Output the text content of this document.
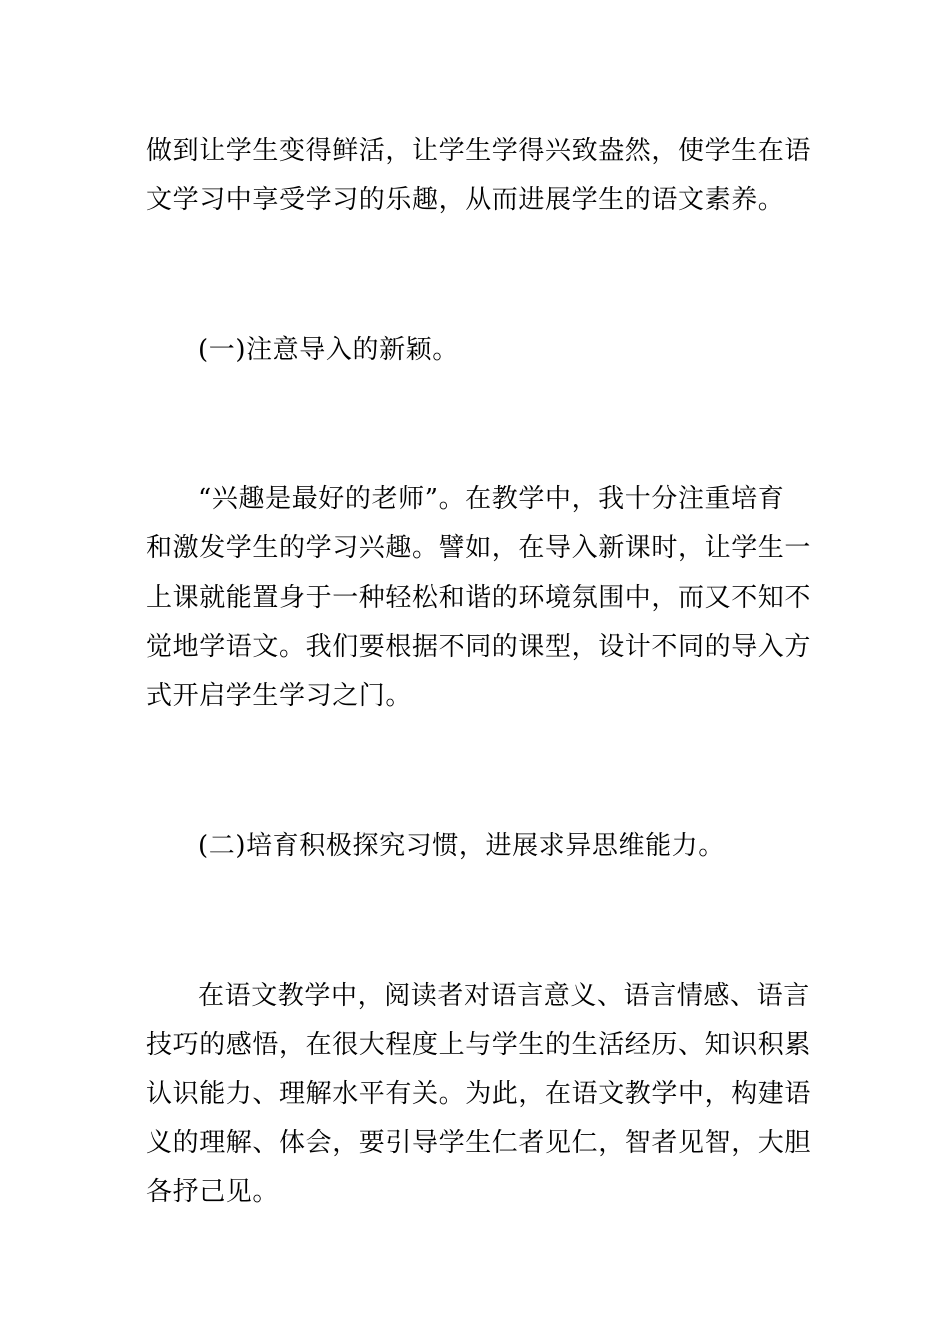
做到让学生变得鲜活，让学生学得兴致盎然，使学生在语
文学习中享受学习的乐趣，从而进展学生的语文素养。
(一)注意导入的新颖。
“兴趣是最好的老师”。在教学中，我十分注重培育
和激发学生的学习兴趣。譬如，在导入新课时，让学生一
上课就能置身于一种轻松和谐的环境氛围中，而又不知不
觉地学语文。我们要根据不同的课型，设计不同的导入方
式开启学生学习之门。
(二)培育积极探究习惯，进展求异思维能力。
在语文教学中，阅读者对语言意义、语言情感、语言
技巧的感悟，在很大程度上与学生的生活经历、知识积累
认识能力、理解水平有关。为此，在语文教学中，构建语
义的理解、体会，要引导学生仁者见仁，智者见智，大胆
各抒己见。
